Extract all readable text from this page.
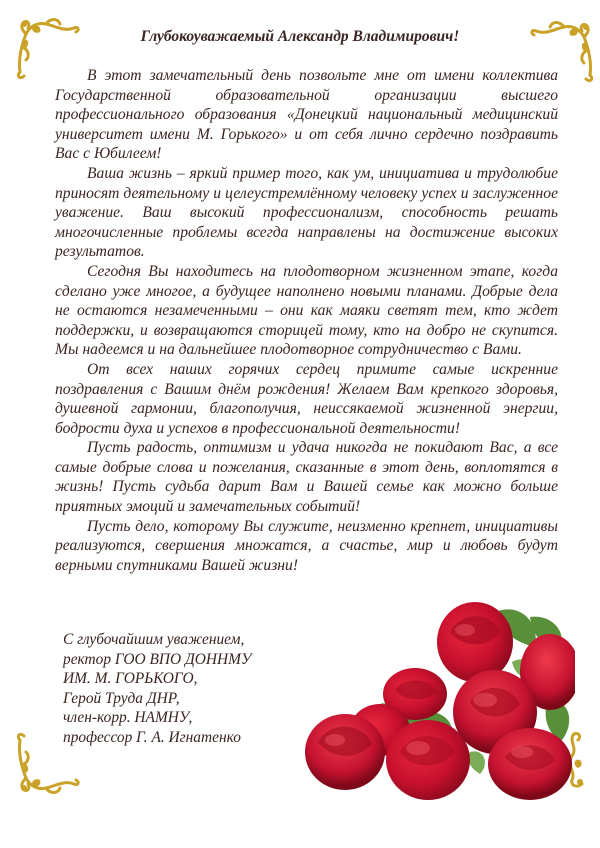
Глубокоуважаемый Александр Владимирович!

В этот замечательный день позвольте мне от имени коллектива Государственной образовательной организации высшего профессионального образования «Донецкий национальный медицинский университет имени М. Горького» и от себя лично сердечно поздравить Вас с Юбилеем!

Ваша жизнь – яркий пример того, как ум, инициатива и трудолюбие приносят деятельному и целеустремлённому человеку успех и заслуженное уважение. Ваш высокий профессионализм, способность решать многочисленные проблемы всегда направлены на достижение высоких результатов.

Сегодня Вы находитесь на плодотворном жизненном этапе, когда сделано уже многое, а будущее наполнено новыми планами. Добрые дела не остаются незамеченными – они как маяки светят тем, кто ждет поддержки, и возвращаются сторицей тому, кто на добро не скупится. Мы надеемся и на дальнейшее плодотворное сотрудничество с Вами.

От всех наших горячих сердец примите самые искренние поздравления с Вашим днём рождения! Желаем Вам крепкого здоровья, душевной гармонии, благополучия, неиссякаемой жизненной энергии, бодрости духа и успехов в профессиональной деятельности!

Пусть радость, оптимизм и удача никогда не покидают Вас, а все самые добрые слова и пожелания, сказанные в этот день, воплотятся в жизнь! Пусть судьба дарит Вам и Вашей семье как можно больше приятных эмоций и замечательных событий!

Пусть дело, которому Вы служите, неизменно крепнет, инициативы реализуются, свершения множатся, а счастье, мир и любовь будут верными спутниками Вашей жизни!

С глубочайшим уважением,
ректор ГОО ВПО ДОННМУ
ИМ. М. ГОРЬКОГО,
Герой Труда ДНР,
член-корр. НАМНУ,
профессор Г. А. Игнатенко
